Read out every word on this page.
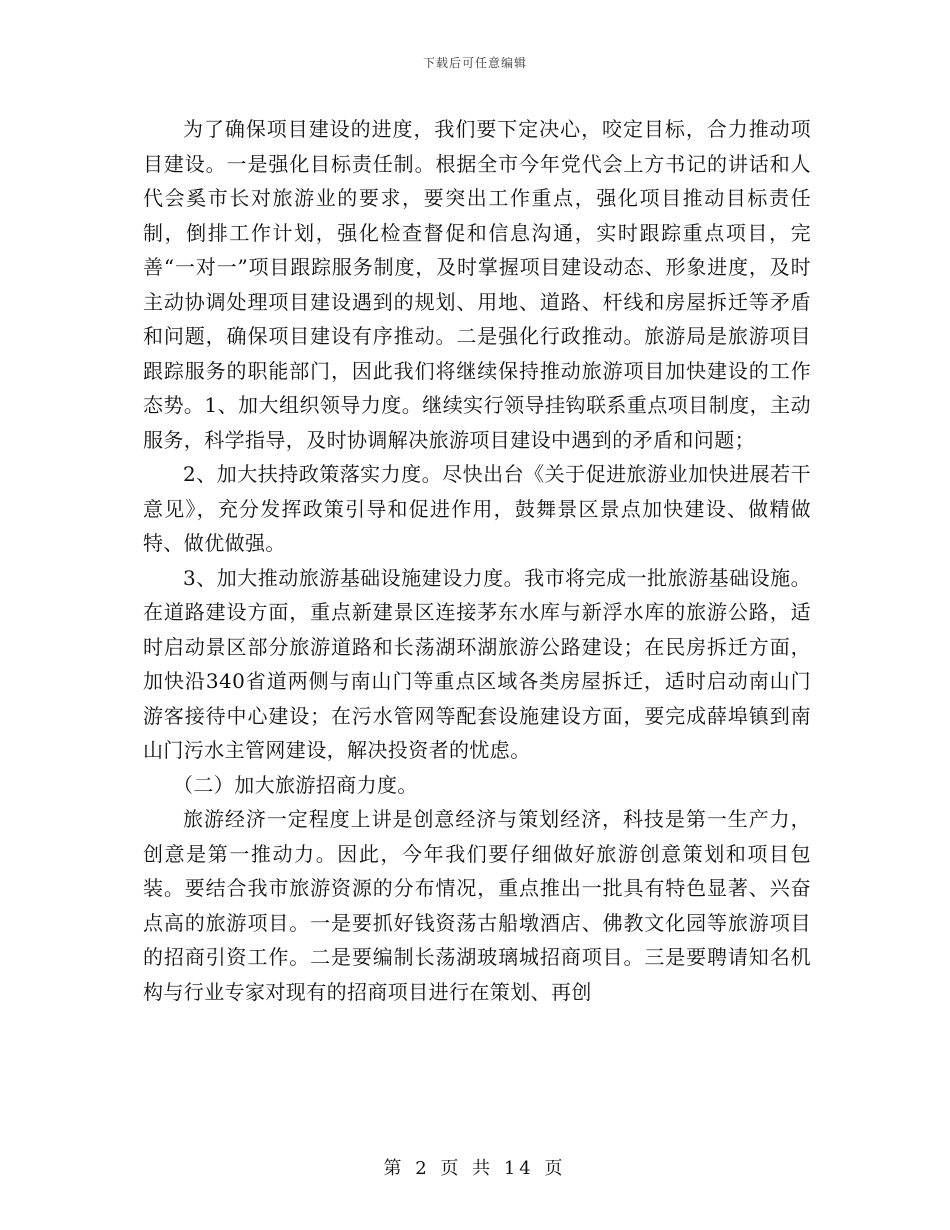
下载后可任意编辑

为了确保项目建设的进度，我们要下定决心，咬定目标，合力推动项目建设。一是强化目标责任制。根据全市今年党代会上方书记的讲话和人代会奚市长对旅游业的要求，要突出工作重点，强化项目推动目标责任制，倒排工作计划，强化检查督促和信息沟通，实时跟踪重点项目，完善“一对一”项目跟踪服务制度，及时掌握项目建设动态、形象进度，及时主动协调处理项目建设遇到的规划、用地、道路、杆线和房屋拆迁等矛盾和问题，确保项目建设有序推动。二是强化行政推动。旅游局是旅游项目跟踪服务的职能部门，因此我们将继续保持推动旅游项目加快建设的工作态势。1、加大组织领导力度。继续实行领导挂钩联系重点项目制度，主动服务，科学指导，及时协调解决旅游项目建设中遇到的矛盾和问题；

2、加大扶持政策落实力度。尽快出台《关于促进旅游业加快进展若干意见》，充分发挥政策引导和促进作用，鼓舞景区景点加快建设、做精做特、做优做强。

3、加大推动旅游基础设施建设力度。我市将完成一批旅游基础设施。在道路建设方面，重点新建景区连接茅东水库与新浮水库的旅游公路，适时启动景区部分旅游道路和长荡湖环湖旅游公路建设；在民房拆迁方面，加快沿340省道两侧与南山门等重点区域各类房屋拆迁，适时启动南山门游客接待中心建设；在污水管网等配套设施建设方面，要完成薛埠镇到南山门污水主管网建设，解决投资者的忧虑。

（二）加大旅游招商力度。

旅游经济一定程度上讲是创意经济与策划经济，科技是第一生产力，创意是第一推动力。因此，今年我们要仔细做好旅游创意策划和项目包装。要结合我市旅游资源的分布情况，重点推出一批具有特色显著、兴奋点高的旅游项目。一是要抓好钱资荡古船墩酒店、佛教文化园等旅游项目的招商引资工作。二是要编制长荡湖玻璃城招商项目。三是要聘请知名机构与行业专家对现有的招商项目进行在策划、再创

第 2 页 共 14 页
